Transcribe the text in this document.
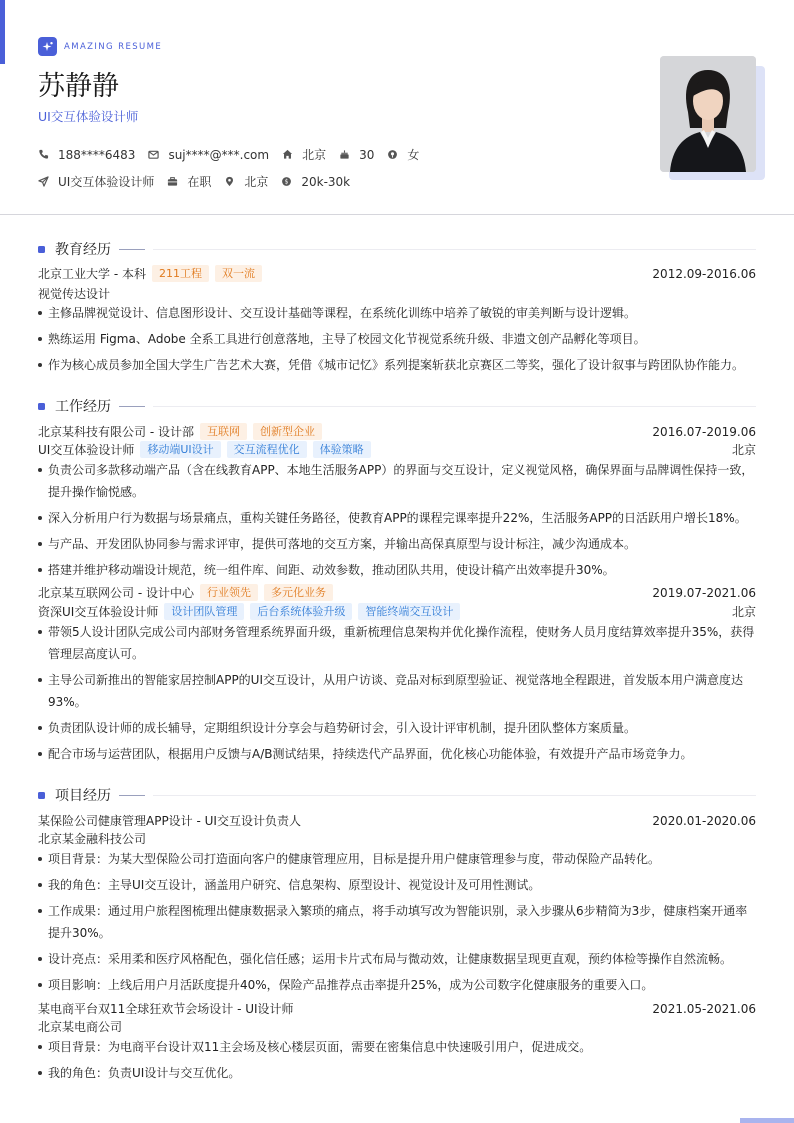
AMAZING RESUME
苏静静
UI交互体验设计师
188****6483	suj****@***.com	北京	30	女
UI交互体验设计师	在职	北京	$ 20k-30k
教育经历
北京工业大学 - 本科	211工程	双一流	2012.09-2016.06
视觉传达设计
主修品牌视觉设计、信息图形设计、交互设计基础等课程，在系统化训练中培养了敏锐的审美判断与设计逻辑。
熟练运用 Figma、Adobe 全系工具进行创意落地，主导了校园文化节视觉系统升级、非遗文创产品孵化等项目。
作为核心成员参加全国大学生广告艺术大赛，凭借《城市记忆》系列提案斩获北京赛区二等奖，强化了设计叙事与跨团队协作能力。
工作经历
北京某科技有限公司 - 设计部	互联网	创新型企业	2016.07-2019.06
UI交互体验设计师	移动端UI设计	交互流程优化	体验策略	北京
负责公司多款移动端产品（含在线教育APP、本地生活服务APP）的界面与交互设计，定义视觉风格，确保界面与品牌调性保持一致，提升操作愉悦感。
深入分析用户行为数据与场景痛点，重构关键任务路径，使教育APP的课程完课率提升22%，生活服务APP的日活跃用户增长18%。
与产品、开发团队协同参与需求评审，提供可落地的交互方案，并输出高保真原型与设计标注，减少沟通成本。
搭建并维护移动端设计规范，统一组件库、间距、动效参数，推动团队共用，使设计稿产出效率提升30%。
北京某互联网公司 - 设计中心	行业领先	多元化业务	2019.07-2021.06
资深UI交互体验设计师	设计团队管理	后台系统体验升级	智能终端交互设计	北京
带领5人设计团队完成公司内部财务管理系统界面升级，重新梳理信息架构并优化操作流程，使财务人员月度结算效率提升35%，获得管理层高度认可。
主导公司新推出的智能家居控制APP的UI交互设计，从用户访谈、竞品对标到原型验证、视觉落地全程跟进，首发版本用户满意度达93%。
负责团队设计师的成长辅导，定期组织设计分享会与趋势研讨会，引入设计评审机制，提升团队整体方案质量。
配合市场与运营团队，根据用户反馈与A/B测试结果，持续迭代产品界面，优化核心功能体验，有效提升产品市场竞争力。
项目经历
某保险公司健康管理APP设计 - UI交互设计负责人	2020.01-2020.06
北京某金融科技公司
项目背景：为某大型保险公司打造面向客户的健康管理应用，目标是提升用户健康管理参与度，带动保险产品转化。
我的角色：主导UI交互设计，涵盖用户研究、信息架构、原型设计、视觉设计及可用性测试。
工作成果：通过用户旅程图梳理出健康数据录入繁琐的痛点，将手动填写改为智能识别，录入步骤从6步精简为3步，健康档案开通率提升30%。
设计亮点：采用柔和医疗风格配色，强化信任感；运用卡片式布局与微动效，让健康数据呈现更直观，预约体检等操作自然流畅。
项目影响：上线后用户月活跃度提升40%，保险产品推荐点击率提升25%，成为公司数字化健康服务的重要入口。
某电商平台双11全球狂欢节会场设计 - UI设计师	2021.05-2021.06
北京某电商公司
项目背景：为电商平台设计双11主会场及核心楼层页面，需要在密集信息中快速吸引用户，促进成交。
我的角色：负责UI设计与交互优化。
